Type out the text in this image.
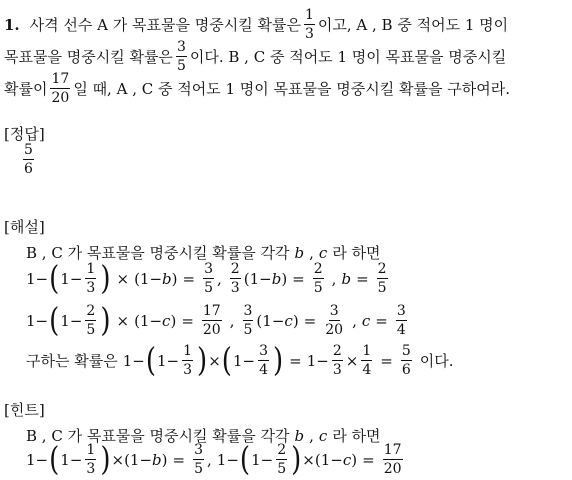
1. 사격 선수 A 가 목표물을 명중시킬 확률은 $\frac{1}{3}$ 이고, A , B 중 적어도 1 명이
목표물을 명중시킬 확률은 $\frac{3}{5}$ 이다. B , C 중 적어도 1 명이 목표물을 명중시킬
확률이 $\frac{17}{20}$ 일 때, A , C 중 적어도 1 명이 목표물을 명중시킬 확률을 구하여라.
[정답]
$\frac{5}{6}$
[해설]
B , C 가 목표물을 명중시킬 확률을 각각 b , c 라 하면
1 − ( $1 - \frac{1}{3}$ ) × ( 1 − b ) = $\frac{3}{5}$ , $\frac{2}{3}$ ( 1 − b ) = $\frac{2}{5}$ , $b = \frac{2}{5}$
1 − ( $1 - \frac{2}{5}$ ) × ( 1 − c ) = $\frac{17}{20}$ , $\frac{3}{5}$ ( 1 − c ) = $\frac{3}{20}$ , $c = \frac{3}{4}$
구하는 확률은 1 − ( $1 - \frac{1}{3}$ ) × ( $1 - \frac{3}{4}$ ) = $1 - \frac{2}{3} \times \frac{1}{4} = \frac{5}{6}$ 이다.
[힌트]
B , C 가 목표물을 명중시킬 확률을 각각 b , c 라 하면
1 − ( $1 - \frac{1}{3}$ ) × ( 1 − b ) = $\frac{3}{5}$ , 1 − ( $1 - \frac{2}{5}$ ) × ( 1 − c ) = $\frac{17}{20}$
